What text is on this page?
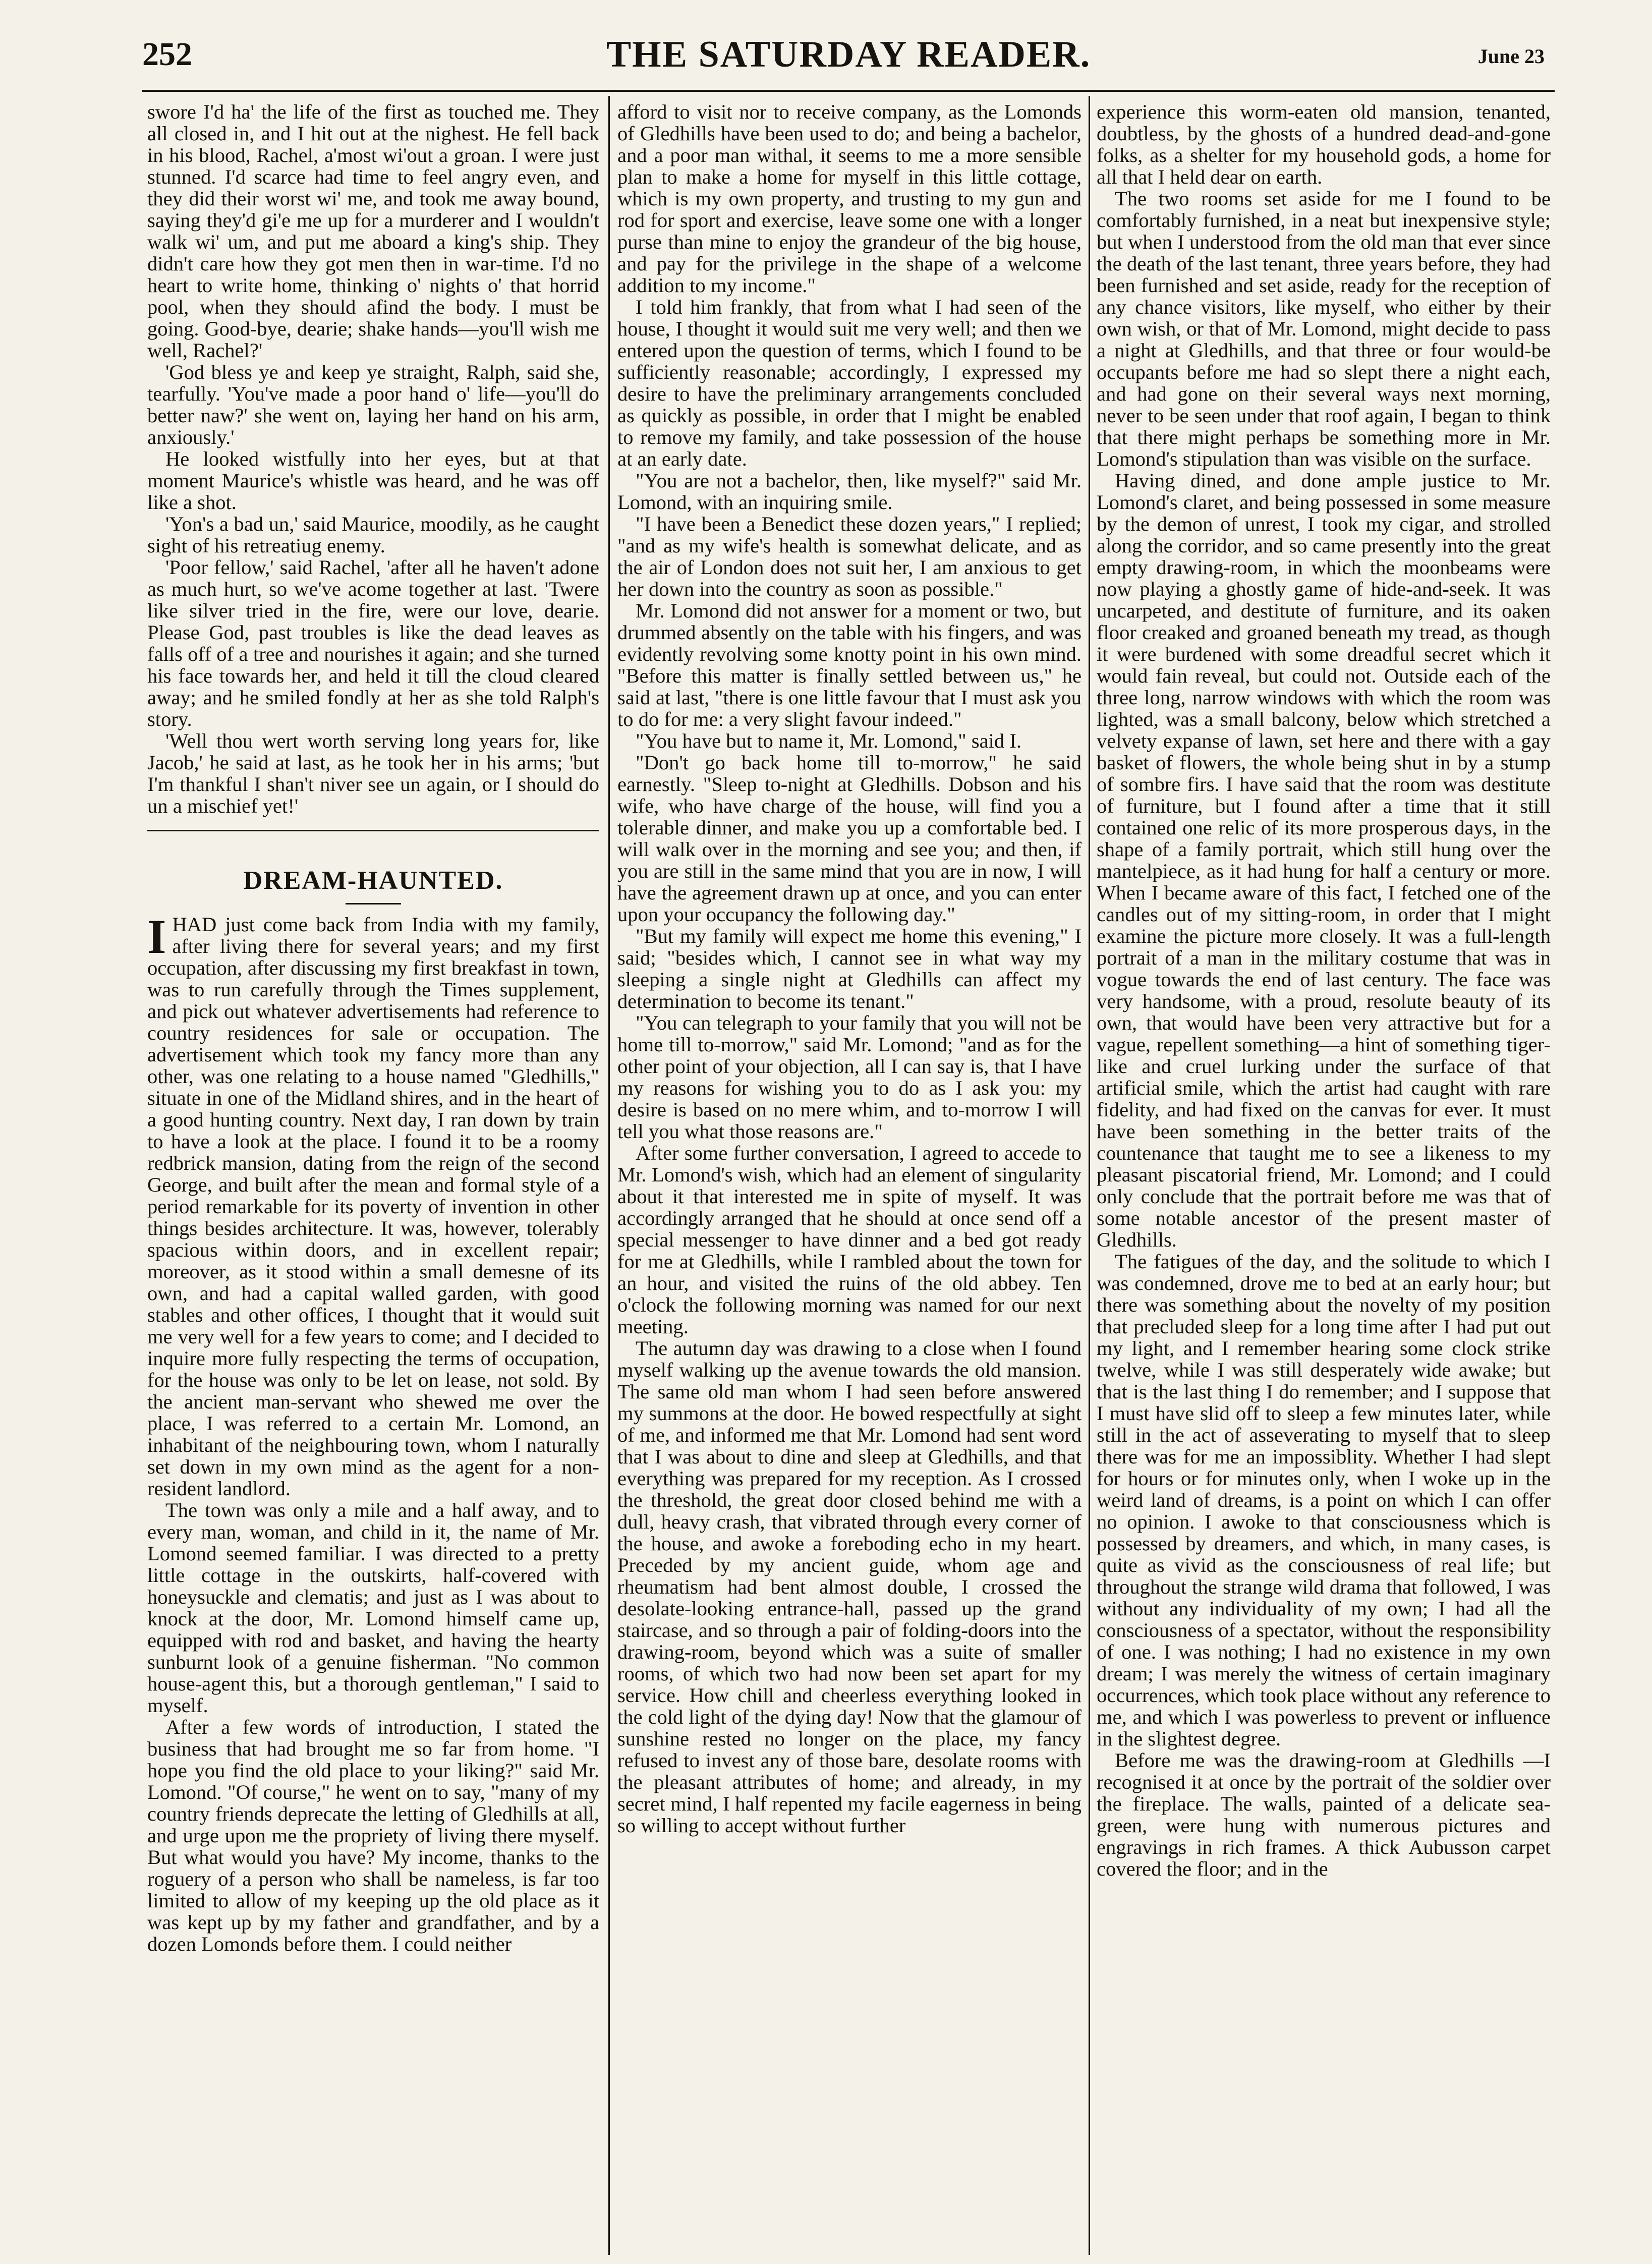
252	THE SATURDAY READER.	June 23

swore I'd ha' the life of the first as touched me. They all closed in, and I hit out at the nighest. He fell back in his blood, Rachel, a'most wi'out a groan. I were just stunned. I'd scarce had time to feel angry even, and they did their worst wi' me, and took me away bound, saying they'd gi'e me up for a murderer and I wouldn't walk wi' um, and put me aboard a king's ship. They didn't care how they got men then in war-time. I'd no heart to write home, thinking o' nights o' that horrid pool, when they should afind the body. I must be going. Good-bye, dearie; shake hands—you'll wish me well, Rachel?'

'God bless ye and keep ye straight, Ralph, said she, tearfully. 'You've made a poor hand o' life—you'll do better naw?' she went on, laying her hand on his arm, anxiously.'

He looked wistfully into her eyes, but at that moment Maurice's whistle was heard, and he was off like a shot.

'Yon's a bad un,' said Maurice, moodily, as he caught sight of his retreatiug enemy.

'Poor fellow,' said Rachel, 'after all he haven't adone as much hurt, so we've acome together at last. 'Twere like silver tried in the fire, were our love, dearie. Please God, past troubles is like the dead leaves as falls off of a tree and nourishes it again; and she turned his face towards her, and held it till the cloud cleared away; and he smiled fondly at her as she told Ralph's story.

'Well thou wert worth serving long years for, like Jacob,' he said at last, as he took her in his arms; 'but I'm thankful I shan't niver see un again, or I should do un a mischief yet!'

DREAM-HAUNTED.

IHAD just come back from India with my family, after living there for several years; and my first occupation, after discussing my first breakfast in town, was to run carefully through the Times supplement, and pick out whatever advertisements had reference to country residences for sale or occupation. The advertisement which took my fancy more than any other, was one relating to a house named "Gledhills," situate in one of the Midland shires, and in the heart of a good hunting country. Next day, I ran down by train to have a look at the place. I found it to be a roomy redbrick mansion, dating from the reign of the second George, and built after the mean and formal style of a period remarkable for its poverty of invention in other things besides architecture. It was, however, tolerably spacious within doors, and in excellent repair; moreover, as it stood within a small demesne of its own, and had a capital walled garden, with good stables and other offices, I thought that it would suit me very well for a few years to come; and I decided to inquire more fully respecting the terms of occupation, for the house was only to be let on lease, not sold. By the ancient man-servant who shewed me over the place, I was referred to a certain Mr. Lomond, an inhabitant of the neighbouring town, whom I naturally set down in my own mind as the agent for a non-resident landlord.

The town was only a mile and a half away, and to every man, woman, and child in it, the name of Mr. Lomond seemed familiar. I was directed to a pretty little cottage in the outskirts, half-covered with honeysuckle and clematis; and just as I was about to knock at the door, Mr. Lomond himself came up, equipped with rod and basket, and having the hearty sunburnt look of a genuine fisherman. "No common house-agent this, but a thorough gentleman," I said to myself.

After a few words of introduction, I stated the business that had brought me so far from home. "I hope you find the old place to your liking?" said Mr. Lomond. "Of course," he went on to say, "many of my country friends deprecate the letting of Gledhills at all, and urge upon me the propriety of living there myself. But what would you have? My income, thanks to the roguery of a person who shall be nameless, is far too limited to allow of my keeping up the old place as it was kept up by my father and grandfather, and by a dozen Lomonds before them. I could neither

afford to visit nor to receive company, as the Lomonds of Gledhills have been used to do; and being a bachelor, and a poor man withal, it seems to me a more sensible plan to make a home for myself in this little cottage, which is my own property, and trusting to my gun and rod for sport and exercise, leave some one with a longer purse than mine to enjoy the grandeur of the big house, and pay for the privilege in the shape of a welcome addition to my income."

I told him frankly, that from what I had seen of the house, I thought it would suit me very well; and then we entered upon the question of terms, which I found to be sufficiently reasonable; accordingly, I expressed my desire to have the preliminary arrangements concluded as quickly as possible, in order that I might be enabled to remove my family, and take possession of the house at an early date.

"You are not a bachelor, then, like myself?" said Mr. Lomond, with an inquiring smile.

"I have been a Benedict these dozen years," I replied; "and as my wife's health is somewhat delicate, and as the air of London does not suit her, I am anxious to get her down into the country as soon as possible."

Mr. Lomond did not answer for a moment or two, but drummed absently on the table with his fingers, and was evidently revolving some knotty point in his own mind. "Before this matter is finally settled between us," he said at last, "there is one little favour that I must ask you to do for me: a very slight favour indeed."

"You have but to name it, Mr. Lomond," said I.

"Don't go back home till to-morrow," he said earnestly. "Sleep to-night at Gledhills. Dobson and his wife, who have charge of the house, will find you a tolerable dinner, and make you up a comfortable bed. I will walk over in the morning and see you; and then, if you are still in the same mind that you are in now, I will have the agreement drawn up at once, and you can enter upon your occupancy the following day."

"But my family will expect me home this evening," I said; "besides which, I cannot see in what way my sleeping a single night at Gledhills can affect my determination to become its tenant."

"You can telegraph to your family that you will not be home till to-morrow," said Mr. Lomond; "and as for the other point of your objection, all I can say is, that I have my reasons for wishing you to do as I ask you: my desire is based on no mere whim, and to-morrow I will tell you what those reasons are."

After some further conversation, I agreed to accede to Mr. Lomond's wish, which had an element of singularity about it that interested me in spite of myself. It was accordingly arranged that he should at once send off a special messenger to have dinner and a bed got ready for me at Gledhills, while I rambled about the town for an hour, and visited the ruins of the old abbey. Ten o'clock the following morning was named for our next meeting.

The autumn day was drawing to a close when I found myself walking up the avenue towards the old mansion. The same old man whom I had seen before answered my summons at the door. He bowed respectfully at sight of me, and informed me that Mr. Lomond had sent word that I was about to dine and sleep at Gledhills, and that everything was prepared for my reception. As I crossed the threshold, the great door closed behind me with a dull, heavy crash, that vibrated through every corner of the house, and awoke a foreboding echo in my heart. Preceded by my ancient guide, whom age and rheumatism had bent almost double, I crossed the desolate-looking entrance-hall, passed up the grand staircase, and so through a pair of folding-doors into the drawing-room, beyond which was a suite of smaller rooms, of which two had now been set apart for my service. How chill and cheerless everything looked in the cold light of the dying day! Now that the glamour of sunshine rested no longer on the place, my fancy refused to invest any of those bare, desolate rooms with the pleasant attributes of home; and already, in my secret mind, I half repented my facile eagerness in being so willing to accept without further

experience this worm-eaten old mansion, tenanted, doubtless, by the ghosts of a hundred dead-and-gone folks, as a shelter for my household gods, a home for all that I held dear on earth.

The two rooms set aside for me I found to be comfortably furnished, in a neat but inexpensive style; but when I understood from the old man that ever since the death of the last tenant, three years before, they had been furnished and set aside, ready for the reception of any chance visitors, like myself, who either by their own wish, or that of Mr. Lomond, might decide to pass a night at Gledhills, and that three or four would-be occupants before me had so slept there a night each, and had gone on their several ways next morning, never to be seen under that roof again, I began to think that there might perhaps be something more in Mr. Lomond's stipulation than was visible on the surface.

Having dined, and done ample justice to Mr. Lomond's claret, and being possessed in some measure by the demon of unrest, I took my cigar, and strolled along the corridor, and so came presently into the great empty drawing-room, in which the moonbeams were now playing a ghostly game of hide-and-seek. It was uncarpeted, and destitute of furniture, and its oaken floor creaked and groaned beneath my tread, as though it were burdened with some dreadful secret which it would fain reveal, but could not. Outside each of the three long, narrow windows with which the room was lighted, was a small balcony, below which stretched a velvety expanse of lawn, set here and there with a gay basket of flowers, the whole being shut in by a stump of sombre firs. I have said that the room was destitute of furniture, but I found after a time that it still contained one relic of its more prosperous days, in the shape of a family portrait, which still hung over the mantelpiece, as it had hung for half a century or more. When I became aware of this fact, I fetched one of the candles out of my sitting-room, in order that I might examine the picture more closely. It was a full-length portrait of a man in the military costume that was in vogue towards the end of last century. The face was very handsome, with a proud, resolute beauty of its own, that would have been very attractive but for a vague, repellent something—a hint of something tiger-like and cruel lurking under the surface of that artificial smile, which the artist had caught with rare fidelity, and had fixed on the canvas for ever. It must have been something in the better traits of the countenance that taught me to see a likeness to my pleasant piscatorial friend, Mr. Lomond; and I could only conclude that the portrait before me was that of some notable ancestor of the present master of Gledhills.

The fatigues of the day, and the solitude to which I was condemned, drove me to bed at an early hour; but there was something about the novelty of my position that precluded sleep for a long time after I had put out my light, and I remember hearing some clock strike twelve, while I was still desperately wide awake; but that is the last thing I do remember; and I suppose that I must have slid off to sleep a few minutes later, while still in the act of asseverating to myself that to sleep there was for me an impossiblity. Whether I had slept for hours or for minutes only, when I woke up in the weird land of dreams, is a point on which I can offer no opinion. I awoke to that consciousness which is possessed by dreamers, and which, in many cases, is quite as vivid as the consciousness of real life; but throughout the strange wild drama that followed, I was without any individuality of my own; I had all the consciousness of a spectator, without the responsibility of one. I was nothing; I had no existence in my own dream; I was merely the witness of certain imaginary occurrences, which took place without any reference to me, and which I was powerless to prevent or influence in the slightest degree.

Before me was the drawing-room at Gledhills —I recognised it at once by the portrait of the soldier over the fireplace. The walls, painted of a delicate sea-green, were hung with numerous pictures and engravings in rich frames. A thick Aubusson carpet covered the floor; and in the
